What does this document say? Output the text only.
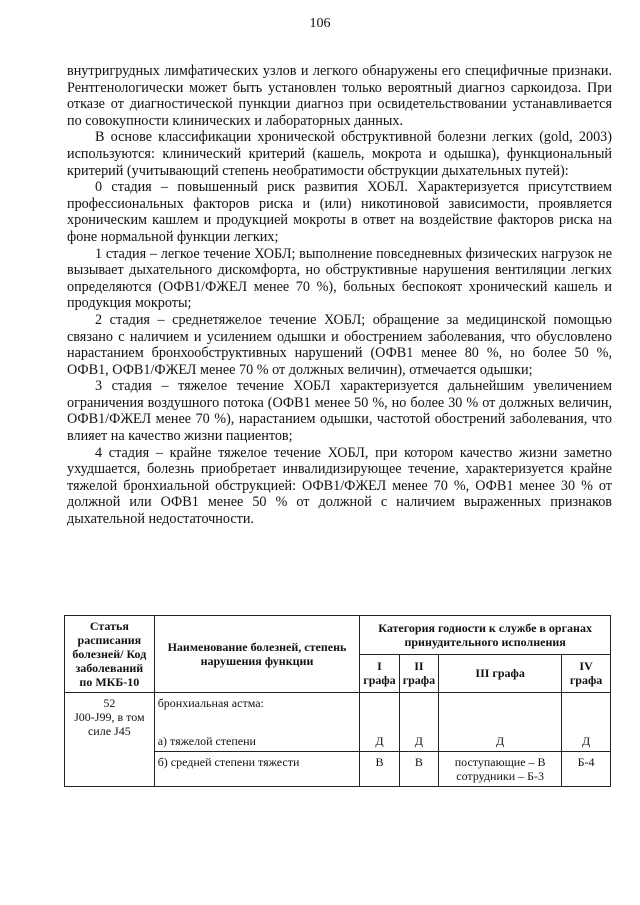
106

внутригрудных лимфатических узлов и легкого обнаружены его специфичные признаки. Рентгенологически может быть установлен только вероятный диагноз саркоидоза. При отказе от диагностической пункции диагноз при освидетельствовании устанавливается по совокупности клинических и лабораторных данных.

В основе классификации хронической обструктивной болезни легких (gold, 2003) используются: клинический критерий (кашель, мокрота и одышка), функциональный критерий (учитывающий степень необратимости обструкции дыхательных путей):

0 стадия – повышенный риск развития ХОБЛ. Характеризуется присутствием профессиональных факторов риска и (или) никотиновой зависимости, проявляется хроническим кашлем и продукцией мокроты в ответ на воздействие факторов риска на фоне нормальной функции легких;

1 стадия – легкое течение ХОБЛ; выполнение повседневных физических нагрузок не вызывает дыхательного дискомфорта, но обструктивные нарушения вентиляции легких определяются (ОФВ1/ФЖЕЛ менее 70 %), больных беспокоят хронический кашель и продукция мокроты;

2 стадия – среднетяжелое течение ХОБЛ; обращение за медицинской помощью связано с наличием и усилением одышки и обострением заболевания, что обусловлено нарастанием бронхообструктивных нарушений (ОФВ1 менее 80 %, но более 50 %, ОФВ1, ОФВ1/ФЖЕЛ менее 70 % от должных величин), отмечается одышки;

3 стадия – тяжелое течение ХОБЛ характеризуется дальнейшим увеличением ограничения воздушного потока (ОФВ1 менее 50 %, но более 30 % от должных величин, ОФВ1/ФЖЕЛ менее 70 %), нарастанием одышки, частотой обострений заболевания, что влияет на качество жизни пациентов;

4 стадия – крайне тяжелое течение ХОБЛ, при котором качество жизни заметно ухудшается, болезнь приобретает инвалидизирующее течение, характеризуется крайне тяжелой бронхиальной обструкцией: ОФВ1/ФЖЕЛ менее 70 %, ОФВ1 менее 30 % от должной или ОФВ1 менее 50 % от должной с наличием выраженных признаков дыхательной недостаточности.

Статья расписания болезней/ Код заболеваний по МКБ-10	Наименование болезней, степень нарушения функции	Категория годности к службе в органах принудительного исполнения			
		I графа	II графа	III графа	IV графа

52
J00-J99, в том силе J45	бронхиальная астма:				
	а) тяжелой степени	Д	Д	Д	Д
	б) средней степени тяжести	В	В	поступающие – В сотрудники – Б-3	Б-4
